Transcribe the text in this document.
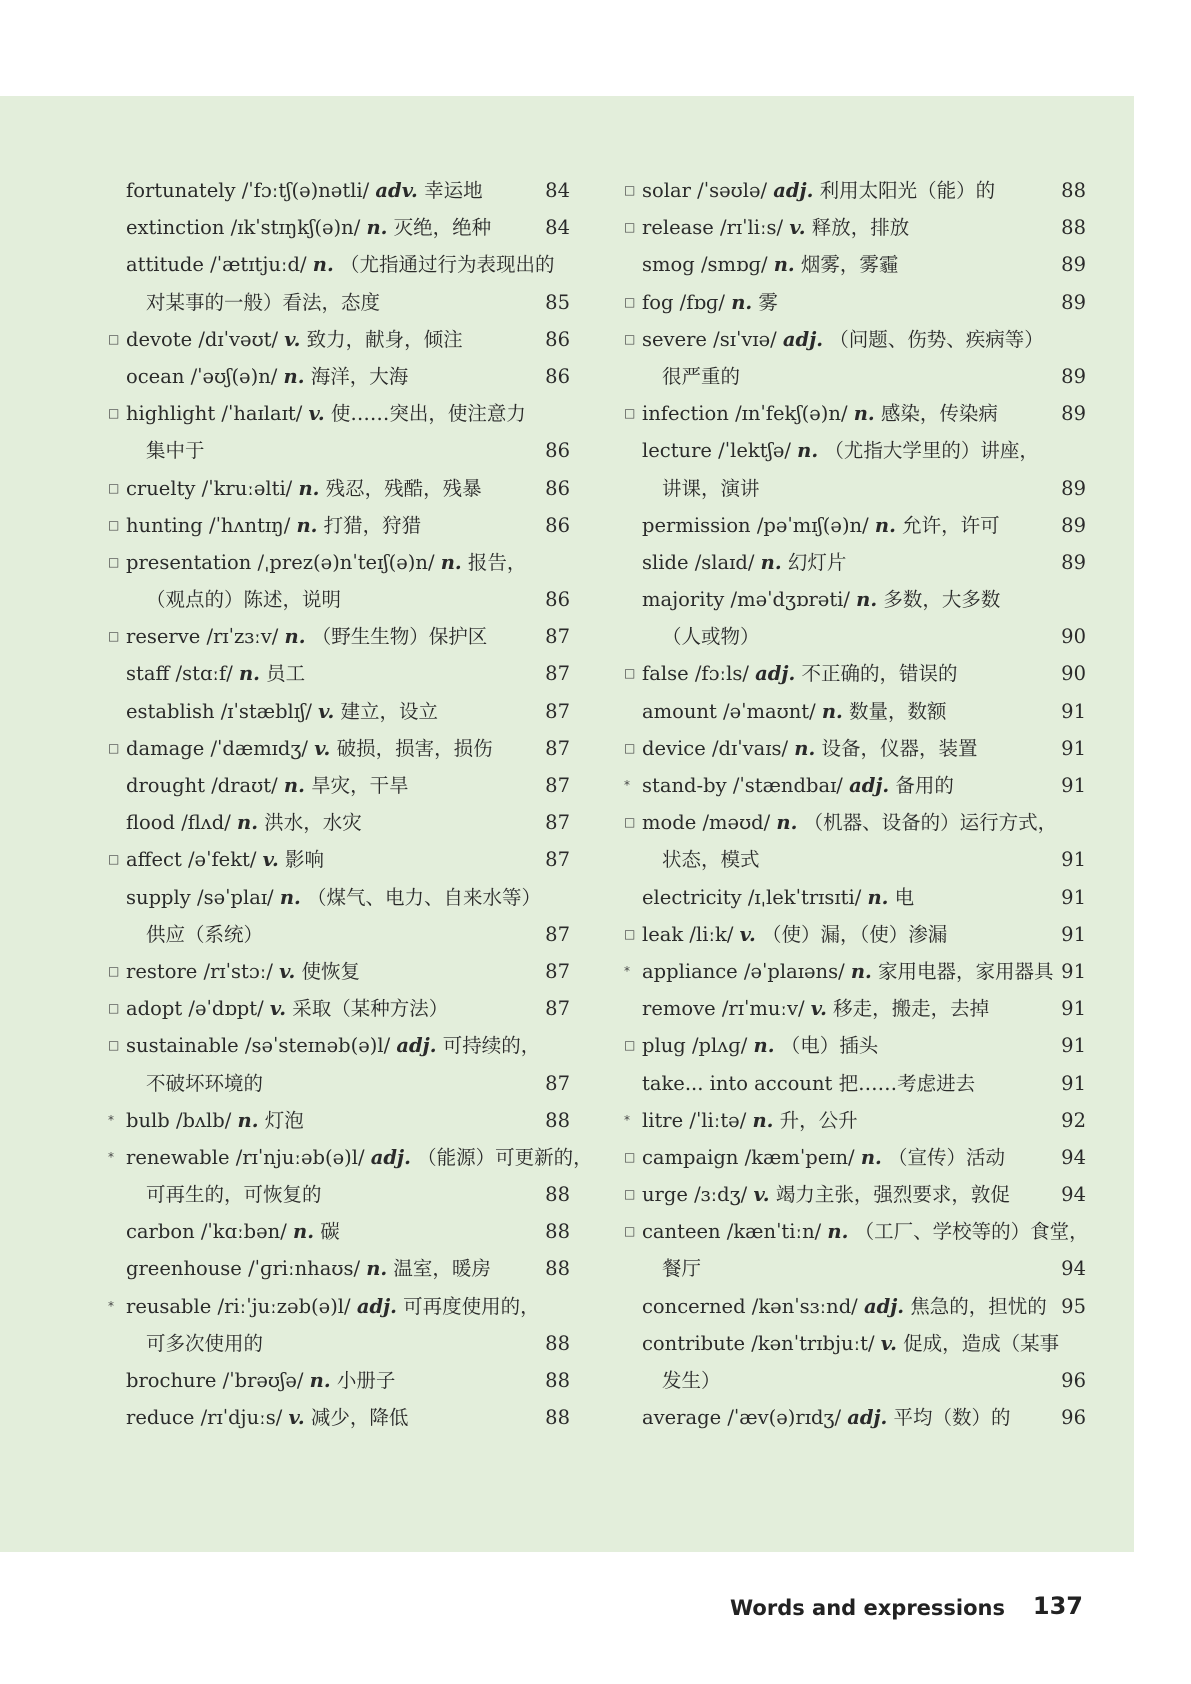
fortunately /ˈfɔːtʃ(ə)nətli/ adv. 幸运地	84
extinction /ɪkˈstɪŋkʃ(ə)n/ n. 灭绝，绝种	84
attitude /ˈætɪtjuːd/ n. （尤指通过行为表现出的
对某事的一般）看法，态度	85
□ devote /dɪˈvəʊt/ v. 致力，献身，倾注	86
ocean /ˈəʊʃ(ə)n/ n. 海洋，大海	86
□ highlight /ˈhaɪlaɪt/ v. 使……突出，使注意力
集中于	86
□ cruelty /ˈkruːəlti/ n. 残忍，残酷，残暴	86
□ hunting /ˈhʌntɪŋ/ n. 打猎，狩猎	86
□ presentation /ˌprez(ə)nˈteɪʃ(ə)n/ n. 报告，
（观点的）陈述，说明	86
□ reserve /rɪˈzɜːv/ n. （野生生物）保护区	87
staff /stɑːf/ n. 员工	87
establish /ɪˈstæblɪʃ/ v. 建立，设立	87
□ damage /ˈdæmɪdʒ/ v. 破损，损害，损伤	87
drought /draʊt/ n. 旱灾，干旱	87
flood /flʌd/ n. 洪水，水灾	87
□ affect /əˈfekt/ v. 影响	87
supply /səˈplaɪ/ n. （煤气、电力、自来水等）
供应（系统）	87
□ restore /rɪˈstɔː/ v. 使恢复	87
□ adopt /əˈdɒpt/ v. 采取（某种方法）	87
□ sustainable /səˈsteɪnəb(ə)l/ adj. 可持续的，
不破坏环境的	87
* bulb /bʌlb/ n. 灯泡	88
* renewable /rɪˈnjuːəb(ə)l/ adj. （能源）可更新的，
可再生的，可恢复的	88
carbon /ˈkɑːbən/ n. 碳	88
greenhouse /ˈɡriːnhaʊs/ n. 温室，暖房	88
* reusable /riːˈjuːzəb(ə)l/ adj. 可再度使用的，
可多次使用的	88
brochure /ˈbrəʊʃə/ n. 小册子	88
reduce /rɪˈdjuːs/ v. 减少，降低	88
□ solar /ˈsəʊlə/ adj. 利用太阳光（能）的	88
□ release /rɪˈliːs/ v. 释放，排放	88
smog /smɒɡ/ n. 烟雾，雾霾	89
□ fog /fɒɡ/ n. 雾	89
□ severe /sɪˈvɪə/ adj. （问题、伤势、疾病等）
很严重的	89
□ infection /ɪnˈfekʃ(ə)n/ n. 感染，传染病	89
lecture /ˈlektʃə/ n. （尤指大学里的）讲座，
讲课，演讲	89
permission /pəˈmɪʃ(ə)n/ n. 允许，许可	89
slide /slaɪd/ n. 幻灯片	89
majority /məˈdʒɒrəti/ n. 多数，大多数
（人或物）	90
□ false /fɔːls/ adj. 不正确的，错误的	90
amount /əˈmaʊnt/ n. 数量，数额	91
□ device /dɪˈvaɪs/ n. 设备，仪器，装置	91
* stand-by /ˈstændbaɪ/ adj. 备用的	91
□ mode /məʊd/ n. （机器、设备的）运行方式，
状态，模式	91
electricity /ɪˌlekˈtrɪsɪti/ n. 电	91
□ leak /liːk/ v. （使）漏，（使）渗漏	91
* appliance /əˈplaɪəns/ n. 家用电器，家用器具 91
remove /rɪˈmuːv/ v. 移走，搬走，去掉	91
□ plug /plʌɡ/ n. （电）插头	91
take... into account 把……考虑进去	91
* litre /ˈliːtə/ n. 升，公升	92
□ campaign /kæmˈpeɪn/ n. （宣传）活动	94
□ urge /ɜːdʒ/ v. 竭力主张，强烈要求，敦促	94
□ canteen /kænˈtiːn/ n. （工厂、学校等的）食堂，
餐厅	94
concerned /kənˈsɜːnd/ adj. 焦急的，担忧的 95
contribute /kənˈtrɪbjuːt/ v. 促成，造成（某事
发生）	96
average /ˈæv(ə)rɪdʒ/ adj. 平均（数）的	96
Words and expressions 137
